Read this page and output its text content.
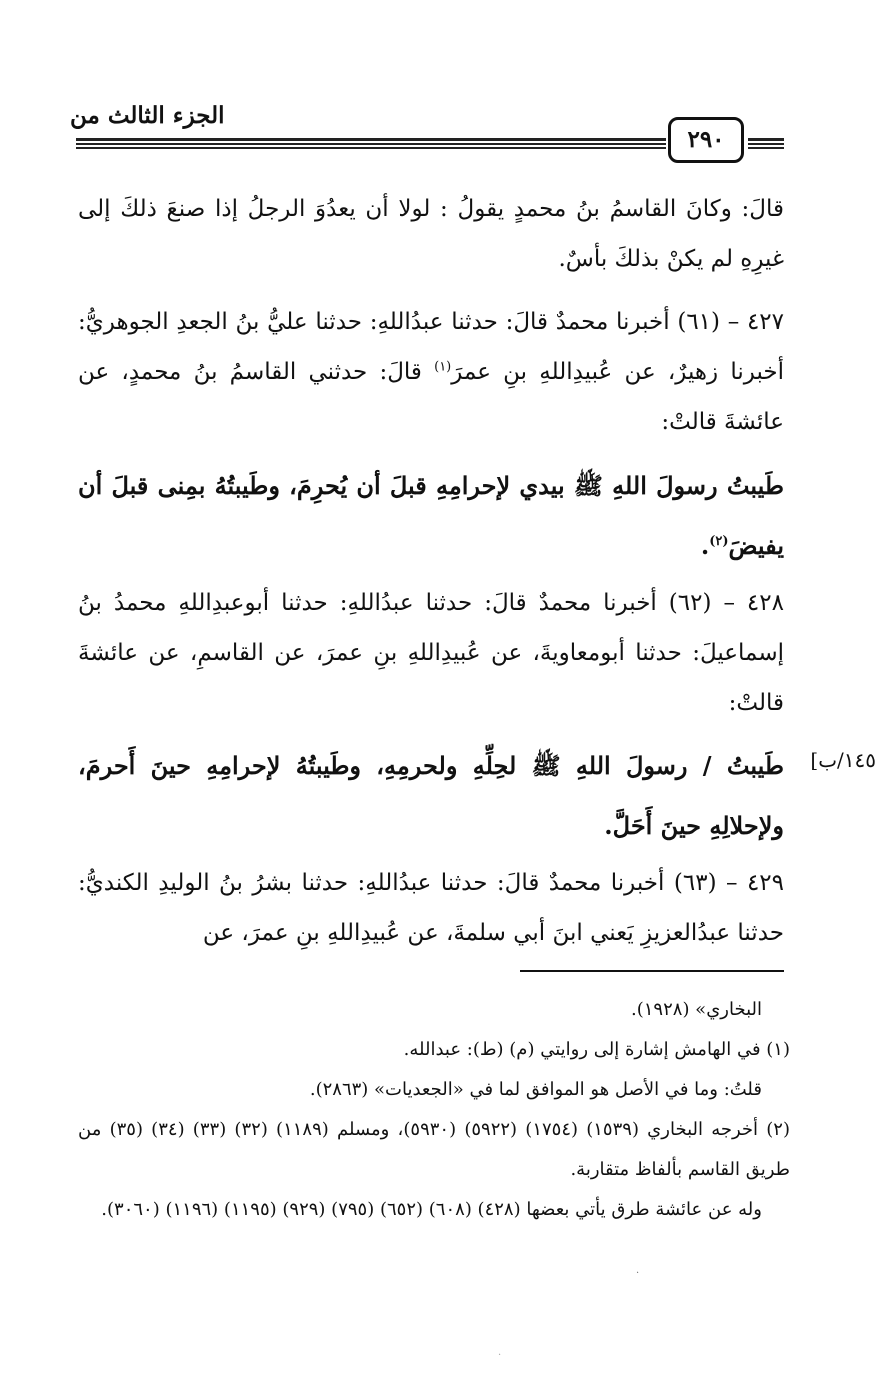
الجزء الثالث من
٢٩٠
قالَ: وكانَ القاسمُ بنُ محمدٍ يقولُ : لولا أن يعدُوَ الرجلُ إذا صنعَ ذلكَ إلى غيرِهِ لم يكنْ بذلكَ بأسٌ.
٤٢٧ – (٦١) أخبرنا محمدٌ قالَ: حدثنا عبدُاللهِ: حدثنا عليُّ بنُ الجعدِ الجوهريُّ: أخبرنا زهيرٌ، عن عُبيدِاللهِ بنِ عمرَ$^{(١)}$ قالَ: حدثني القاسمُ بنُ محمدٍ، عن عائشةَ قالتْ:
طَيبتُ رسولَ اللهِ ﷺ بيدي لإحرامِهِ قبلَ أن يُحرِمَ، وطَيبتُهُ بمِنى قبلَ أن يفيضَ$^{(٢)}$.
٤٢٨ – (٦٢) أخبرنا محمدٌ قالَ: حدثنا عبدُاللهِ: حدثنا أبوعبدِاللهِ محمدُ بنُ إسماعيلَ: حدثنا أبومعاويةَ، عن عُبيدِاللهِ بنِ عمرَ، عن القاسمِ، عن عائشةَ قالتْ:
١٤٥/ب]
طَيبتُ / رسولَ اللهِ ﷺ لحِلِّهِ ولحرمِهِ، وطَيبتُهُ لإحرامِهِ حينَ أَحرمَ، ولإحلالِهِ حينَ أَحَلَّ.
٤٢٩ – (٦٣) أخبرنا محمدٌ قالَ: حدثنا عبدُاللهِ: حدثنا بشرُ بنُ الوليدِ الكنديُّ: حدثنا عبدُالعزيزِ يَعني ابنَ أبي سلمةَ، عن عُبيدِاللهِ بنِ عمرَ، عن
البخاري» (١٩٢٨).
(١) في الهامش إشارة إلى روايتي (م) (ط): عبدالله.
قلتُ: وما في الأصل هو الموافق لما في «الجعديات» (٢٨٦٣).
(٢) أخرجه البخاري (١٥٣٩) (١٧٥٤) (٥٩٢٢) (٥٩٣٠)، ومسلم (١١٨٩) (٣٢) (٣٣) (٣٤) (٣٥) من طريق القاسم بألفاظ متقاربة.
وله عن عائشة طرق يأتي بعضها (٤٢٨) (٦٠٨) (٦٥٢) (٧٩٥) (٩٢٩) (١١٩٥) (١١٩٦) (٣٠٦٠).
·
·
